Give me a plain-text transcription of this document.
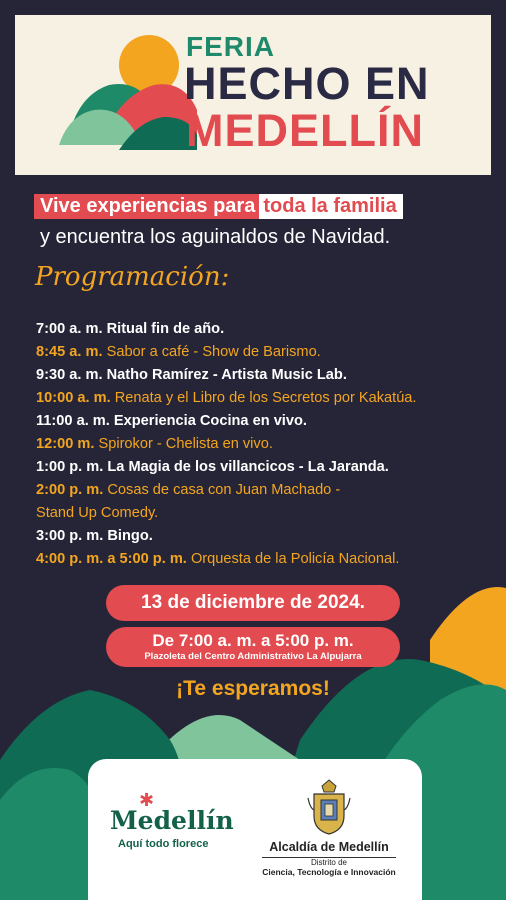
FERIA
HECHO EN
MEDELLÍN
Vive experiencias para toda la familia
y encuentra los aguinaldos de Navidad.
Programación:
7:00 a. m. Ritual fin de año.
8:45 a. m. Sabor a café - Show de Barismo.
9:30 a. m. Natho Ramírez - Artista Music Lab.
10:00 a. m. Renata y el Libro de los Secretos por Kakatúa.
11:00 a. m. Experiencia Cocina en vivo.
12:00 m. Spirokor - Chelista en vivo.
1:00 p. m. La Magia de los villancicos - La Jaranda.
2:00 p. m. Cosas de casa con Juan Machado -
Stand Up Comedy.
3:00 p. m. Bingo.
4:00 p. m. a 5:00 p. m. Orquesta de la Policía Nacional.
13 de diciembre de 2024.
De 7:00 a. m. a 5:00 p. m.
Plazoleta del Centro Administrativo La Alpujarra
¡Te esperamos!
✱
Medellín
Aquí todo florece	Alcaldía de Medellín
Distrito de
Ciencia, Tecnología e Innovación
